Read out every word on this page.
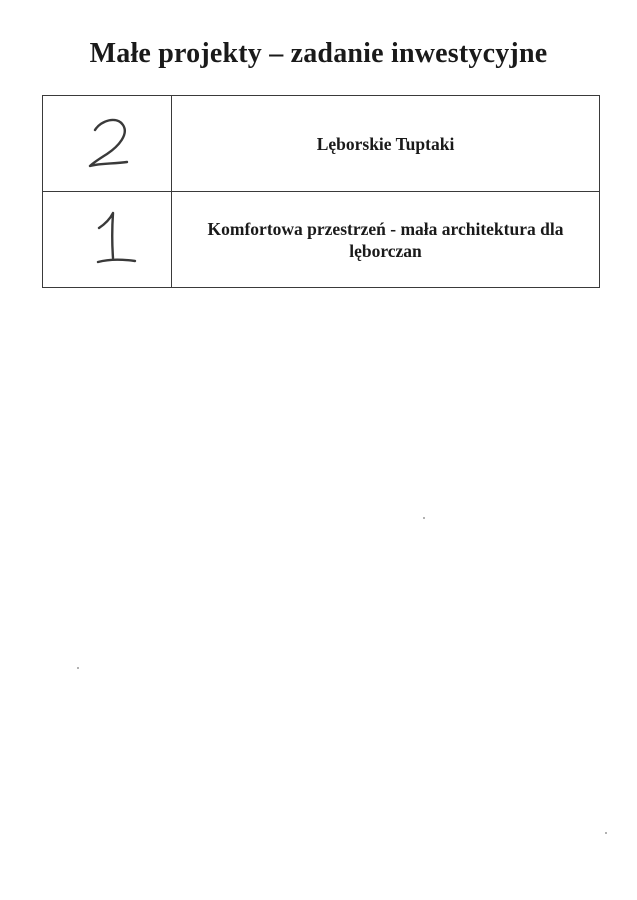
Małe projekty – zadanie inwestycyjne
	Lęborskie Tuptaki

	Komfortowa przestrzeń - mała architektura dla lęborczan
